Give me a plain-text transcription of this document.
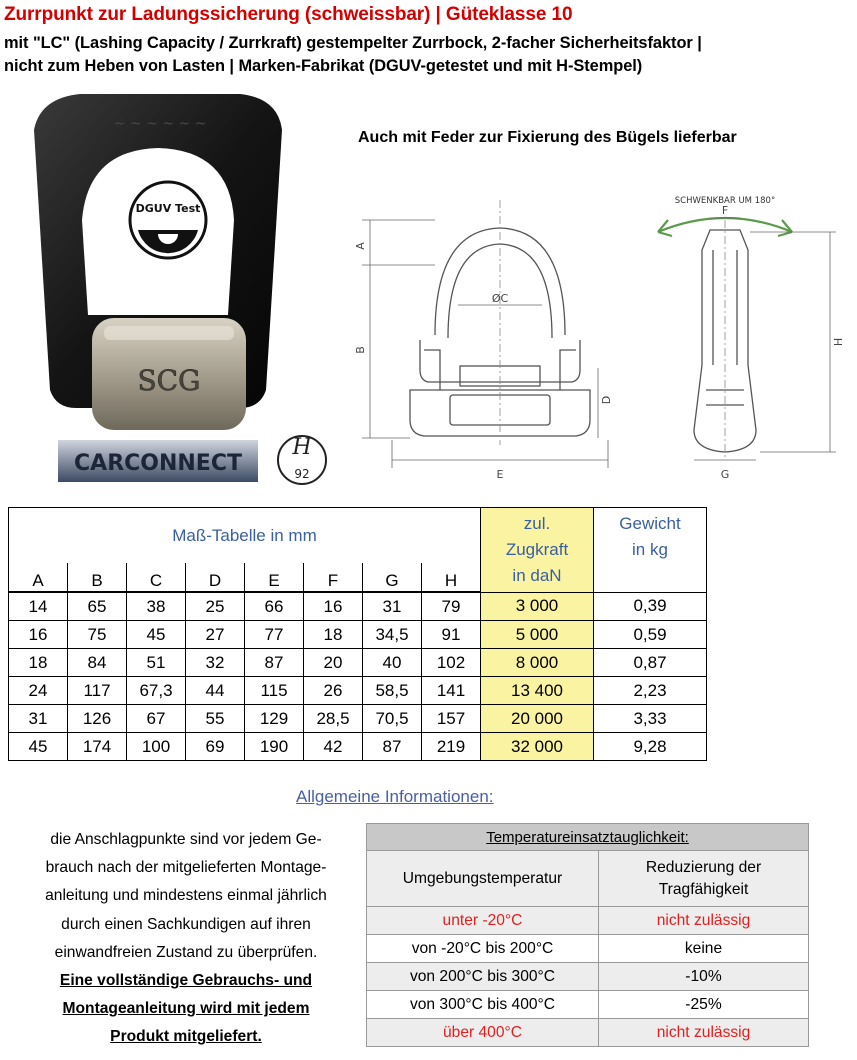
Zurrpunkt zur Ladungssicherung (schweissbar) | Güteklasse 10
mit "LC" (Lashing Capacity / Zurrkraft) gestempelter Zurrbock, 2-facher Sicherheitsfaktor |
nicht zum Heben von Lasten | Marken-Fabrikat (DGUV-getestet und mit H-Stempel)
~ ~ ~ ~ ~ ~
DGUV Test
SCG
CARCONNECT
H
92
Auch mit Feder zur Fixierung des Bügels lieferbar
A
B
ØC
D
E
SCHWENKBAR UM 180°
F
H
G
Maß-Tabelle in mm								zul.
Zugkraft
in daN	Gewicht
in kg

A	B	C	D	E	F	G	H		
14	65	38	25	66	16	31	79	3 000	0,39
16	75	45	27	77	18	34,5	91	5 000	0,59
18	84	51	32	87	20	40	102	8 000	0,87
24	117	67,3	44	115	26	58,5	141	13 400	2,23
31	126	67	55	129	28,5	70,5	157	20 000	3,33
45	174	100	69	190	42	87	219	32 000	9,28
Allgemeine Informationen:
die Anschlagpunkte sind vor jedem Ge-
brauch nach der mitgelieferten Montage-
anleitung und mindestens einmal jährlich
durch einen Sachkundigen auf ihren
einwandfreien Zustand zu überprüfen.
Eine vollständige Gebrauchs- und
Montageanleitung wird mit jedem
Produkt mitgeliefert.
Temperatureinsatztauglichkeit:	
Umgebungstemperatur	Reduzierung der
Tragfähigkeit
unter -20°C	nicht zulässig
von -20°C bis 200°C	keine
von 200°C bis 300°C	-10%
von 300°C bis 400°C	-25%
über 400°C	nicht zulässig
